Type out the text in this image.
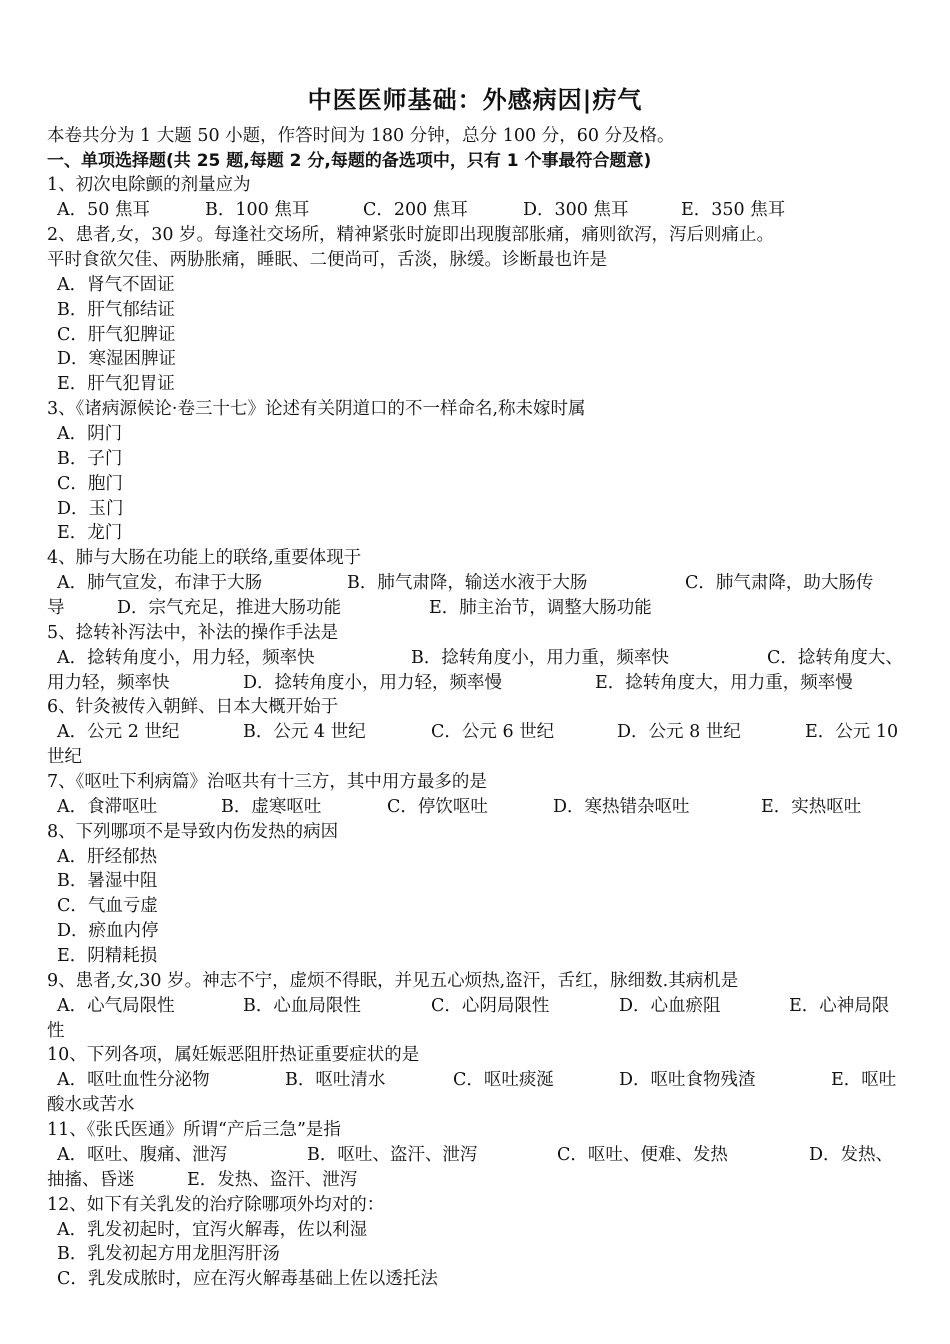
中医医师基础：外感病因|疠气
本卷共分为 1 大题 50 小题，作答时间为 180 分钟，总分 100 分，60 分及格。
一、单项选择题(共 25 题,每题 2 分,每题的备选项中，只有 1 个事最符合题意)
1、初次电除颤的剂量应为
A．50 焦耳	B．100 焦耳	C．200 焦耳	D．300 焦耳	E．350 焦耳
2、患者,女，30 岁。每逢社交场所，精神紧张时旋即出现腹部胀痛，痛则欲泻，泻后则痛止。
平时食欲欠佳、两胁胀痛，睡眠、二便尚可，舌淡，脉缓。诊断最也许是
A．肾气不固证
B．肝气郁结证
C．肝气犯脾证
D．寒湿困脾证
E．肝气犯胃证
3、《诸病源候论·卷三十七》论述有关阴道口的不一样命名,称未嫁时属
A．阴门
B．子门
C．胞门
D．玉门
E．龙门
4、肺与大肠在功能上的联络,重要体现于
A．肺气宣发，布津于大肠	B．肺气肃降，输送水液于大肠	C．肺气肃降，助大肠传
导	D．宗气充足，推进大肠功能	E．肺主治节，调整大肠功能
5、捻转补泻法中，补法的操作手法是
A．捻转角度小，用力轻，频率快	B．捻转角度小，用力重，频率快	C．捻转角度大、
用力轻，频率快	D．捻转角度小，用力轻，频率慢	E．捻转角度大，用力重，频率慢
6、针灸被传入朝鲜、日本大概开始于
A．公元 2 世纪	B．公元 4 世纪	C．公元 6 世纪	D．公元 8 世纪	E．公元 10
世纪
7、《呕吐下利病篇》治呕共有十三方，其中用方最多的是
A．食滞呕吐	B．虚寒呕吐	C．停饮呕吐	D．寒热错杂呕吐	E．实热呕吐
8、下列哪项不是导致内伤发热的病因
A．肝经郁热
B．暑湿中阻
C．气血亏虚
D．瘀血内停
E．阴精耗损
9、患者,女,30 岁。神志不宁，虚烦不得眠，并见五心烦热,盗汗，舌红，脉细数.其病机是
A．心气局限性	B．心血局限性	C．心阴局限性	D．心血瘀阻	E．心神局限
性
10、下列各项，属妊娠恶阻肝热证重要症状的是
A．呕吐血性分泌物	B．呕吐清水	C．呕吐痰涎	D．呕吐食物残渣	E．呕吐
酸水或苦水
11、《张氏医通》所谓“产后三急”是指
A．呕吐、腹痛、泄泻	B．呕吐、盗汗、泄泻	C．呕吐、便难、发热	D．发热、
抽搐、昏迷	E．发热、盗汗、泄泻
12、如下有关乳发的治疗除哪项外均对的：
A．乳发初起时，宜泻火解毒，佐以利湿
B．乳发初起方用龙胆泻肝汤
C．乳发成脓时，应在泻火解毒基础上佐以透托法
